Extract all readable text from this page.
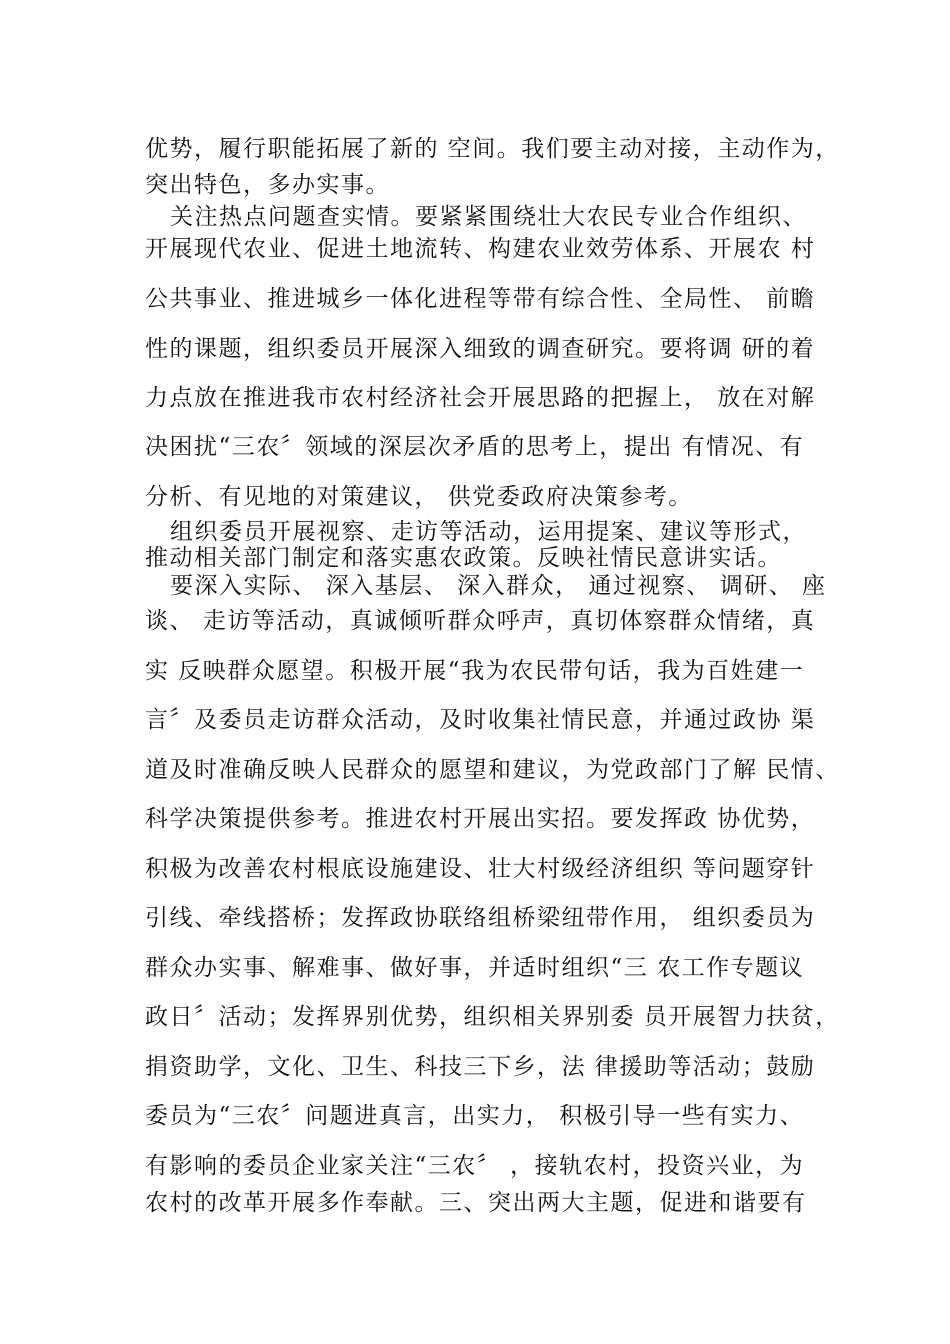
优势，履行职能拓展了新的 空间。我们要主动对接，主动作为，
突出特色，多办实事。
关注热点问题查实情。要紧紧围绕壮大农民专业合作组织、
开展现代农业、促进土地流转、构建农业效劳体系、开展农 村
公共事业、推进城乡一体化进程等带有综合性、全局性、 前瞻
性的课题，组织委员开展深入细致的调查研究。要将调 研的着
力点放在推进我市农村经济社会开展思路的把握上， 放在对解
决困扰“三农〞领域的深层次矛盾的思考上，提出 有情况、有
分析、有见地的对策建议， 供党委政府决策参考。
组织委员开展视察、走访等活动，运用提案、建议等形式，
推动相关部门制定和落实惠农政策。反映社情民意讲实话。
要深入实际、 深入基层、 深入群众， 通过视察、 调研、 座
谈、 走访等活动，真诚倾听群众呼声，真切体察群众情绪，真
实 反映群众愿望。积极开展“我为农民带句话，我为百姓建一
言〞及委员走访群众活动，及时收集社情民意，并通过政协 渠
道及时准确反映人民群众的愿望和建议，为党政部门了解 民情、
科学决策提供参考。推进农村开展出实招。要发挥政 协优势，
积极为改善农村根底设施建设、壮大村级经济组织 等问题穿针
引线、牵线搭桥；发挥政协联络组桥梁纽带作用， 组织委员为
群众办实事、解难事、做好事，并适时组织“三 农工作专题议
政日〞活动；发挥界别优势，组织相关界别委 员开展智力扶贫，
捐资助学，文化、卫生、科技三下乡，法 律援助等活动；鼓励
委员为“三农〞问题进真言，出实力， 积极引导一些有实力、
有影响的委员企业家关注“三农〞 ，接轨农村，投资兴业，为
农村的改革开展多作奉献。三、突出两大主题，促进和谐要有
